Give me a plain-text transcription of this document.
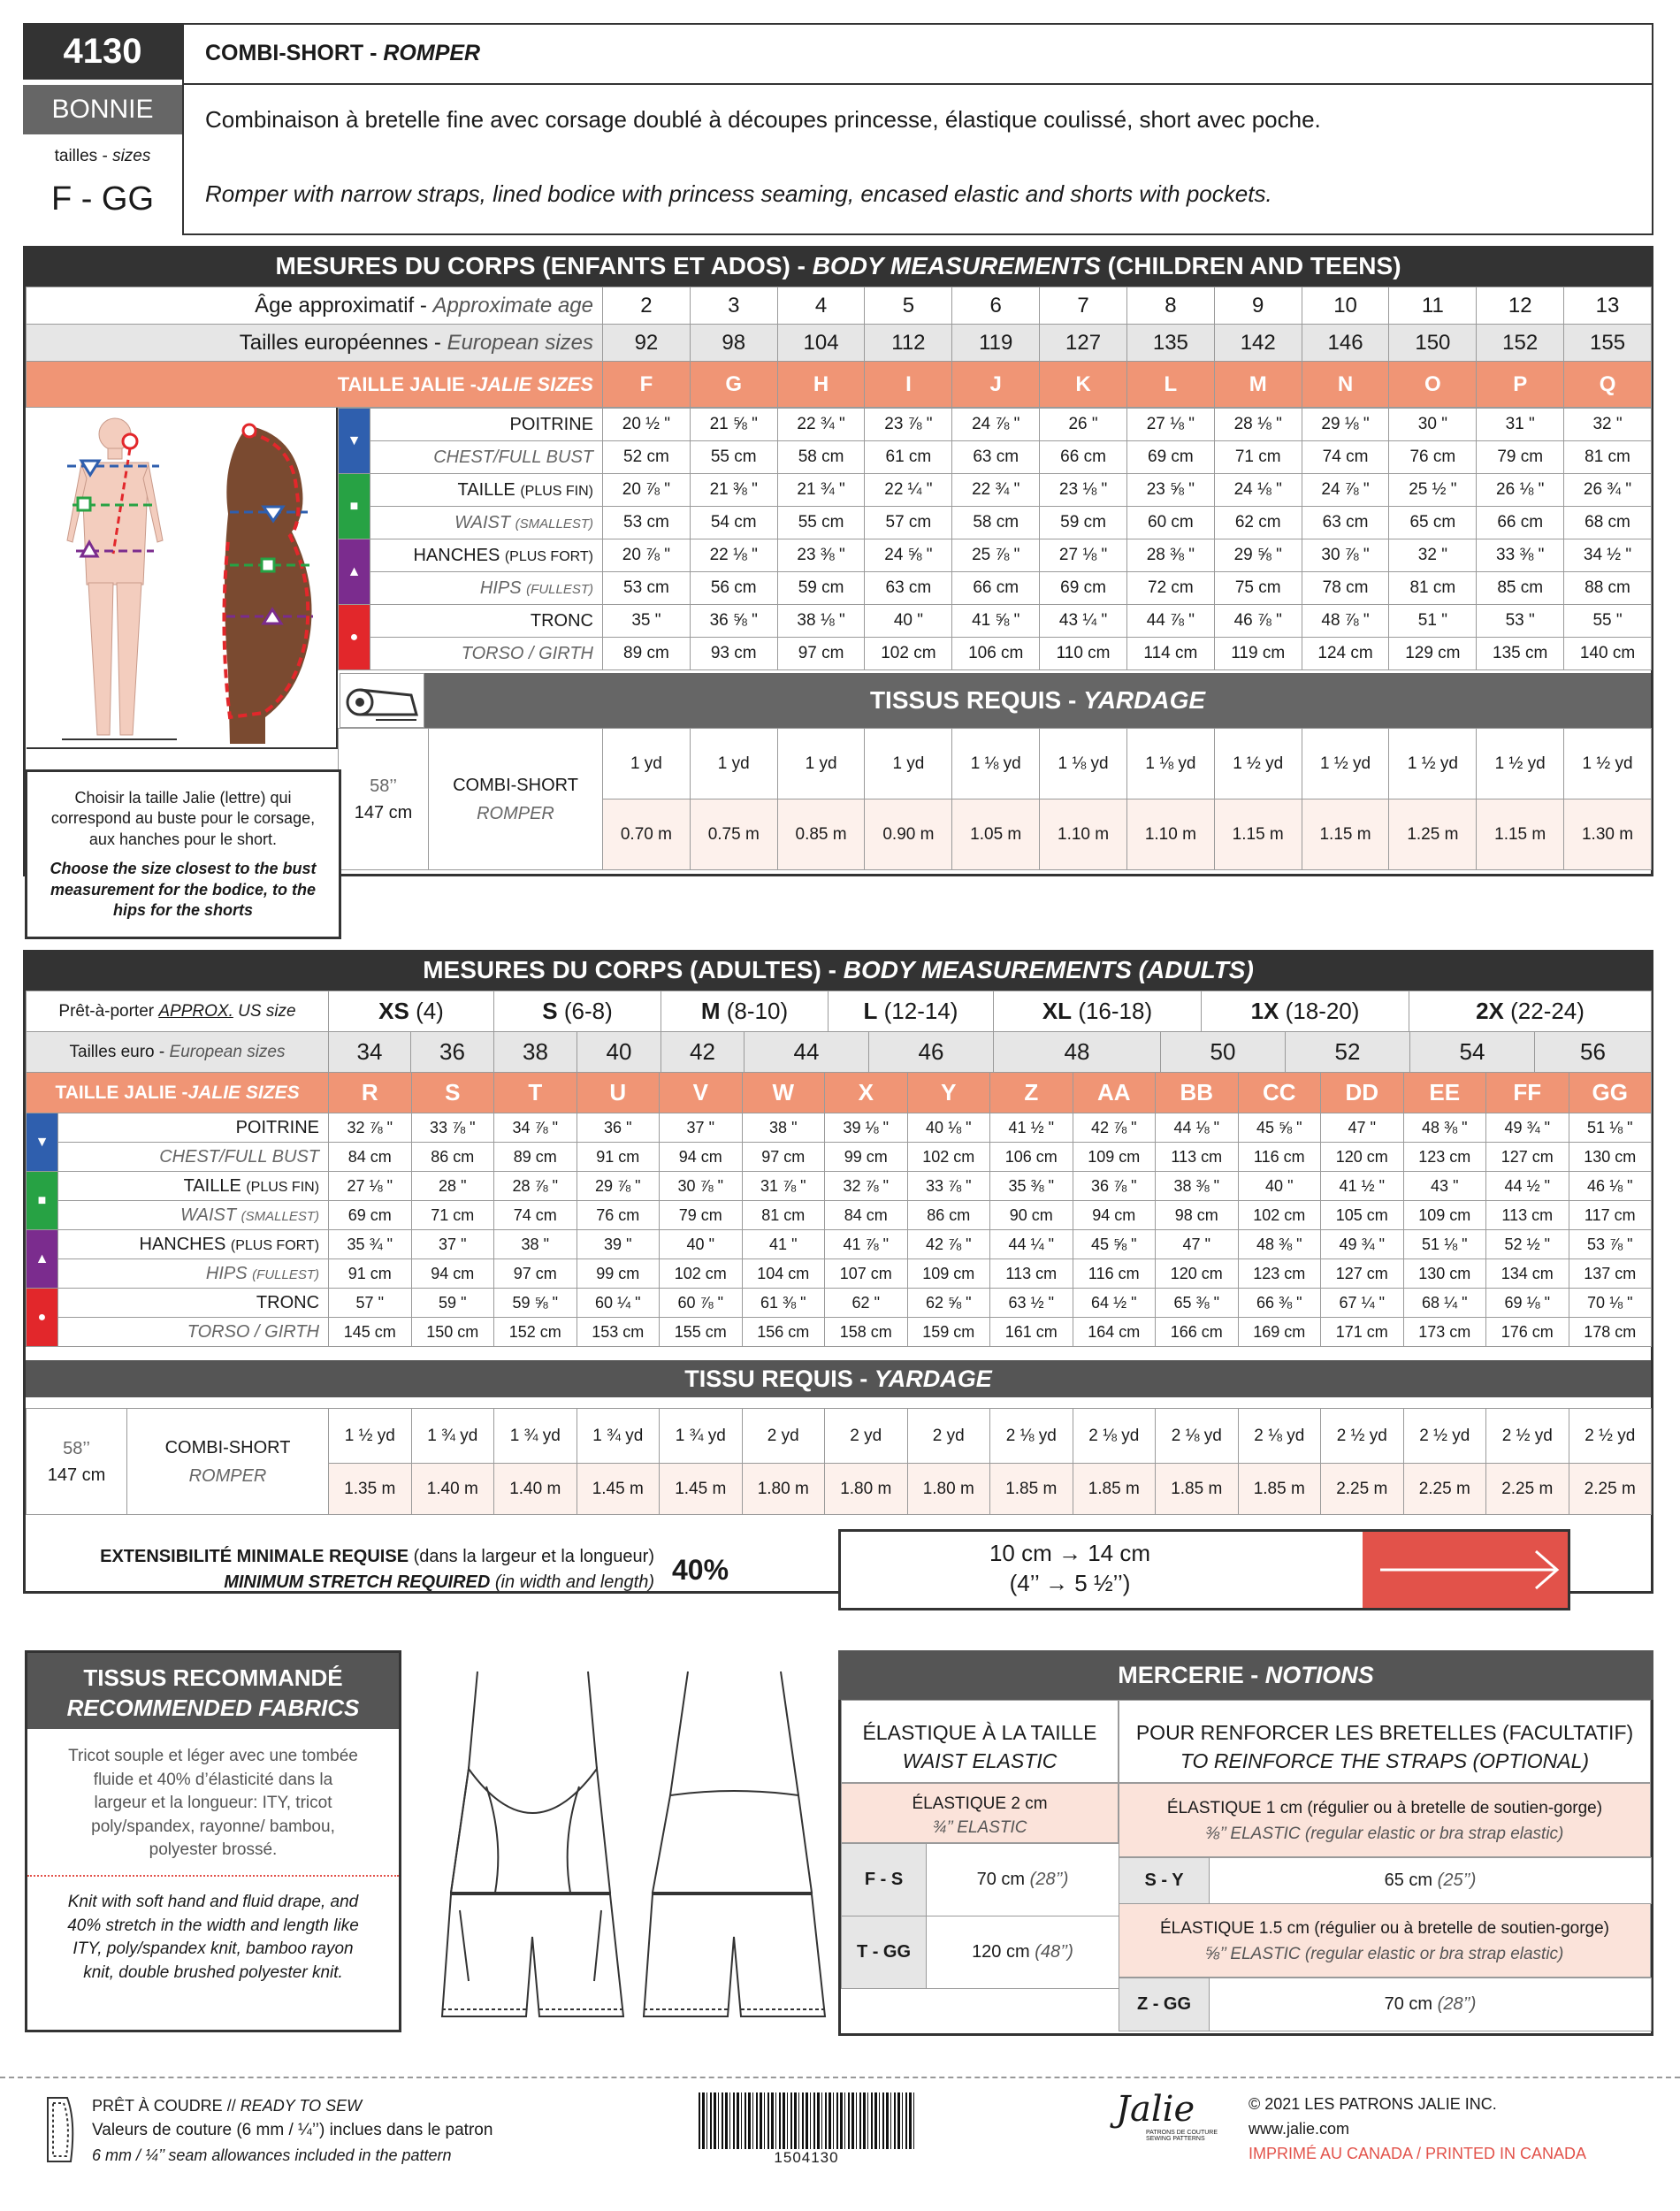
4130
BONNIE
tailles - sizes
F - GG
COMBI-SHORT - ROMPER
Combinaison à bretelle fine avec corsage doublé à découpes princesse, élastique coulissé, short avec poche.
Romper with narrow straps, lined bodice with princess seaming, encased elastic and shorts with pockets.
MESURES DU CORPS (ENFANTS ET ADOS) - BODY MEASUREMENTS (CHILDREN AND TEENS)
Âge approximatif - Approximate age	2	3	4	5	6	7	8	9	10	11	12	13
Tailles européennes - European sizes	92	98	104	112	119	127	135	142	146	150	152	155
TAILLE JALIE -JALIE SIZES	F	G	H	I	J	K	L	M	N	O	P	Q
▼	POITRINE	20 ½ "	21 ⅝ "	22 ¾ "	23 ⅞ "	24 ⅞ "	26 "	27 ⅛ "	28 ⅛ "	29 ⅛ "	30 "	31 "	32 "
	CHEST/FULL BUST	52 cm	55 cm	58 cm	61 cm	63 cm	66 cm	69 cm	71 cm	74 cm	76 cm	79 cm	81 cm
■	TAILLE (PLUS FIN)	20 ⅞ "	21 ⅜ "	21 ¾ "	22 ¼ "	22 ¾ "	23 ⅛ "	23 ⅝ "	24 ⅛ "	24 ⅞ "	25 ½ "	26 ⅛ "	26 ¾ "
	WAIST (SMALLEST)	53 cm	54 cm	55 cm	57 cm	58 cm	59 cm	60 cm	62 cm	63 cm	65 cm	66 cm	68 cm
▲	HANCHES (PLUS FORT)	20 ⅞ "	22 ⅛ "	23 ⅜ "	24 ⅝ "	25 ⅞ "	27 ⅛ "	28 ⅜ "	29 ⅝ "	30 ⅞ "	32 "	33 ⅜ "	34 ½ "
	HIPS (FULLEST)	53 cm	56 cm	59 cm	63 cm	66 cm	69 cm	72 cm	75 cm	78 cm	81 cm	85 cm	88 cm
●	TRONC	35 "	36 ⅝ "	38 ⅛ "	40 "	41 ⅝ "	43 ¼ "	44 ⅞ "	46 ⅞ "	48 ⅞ "	51 "	53 "	55 "
	TORSO / GIRTH	89 cm	93 cm	97 cm	102 cm	106 cm	110 cm	114 cm	119 cm	124 cm	129 cm	135 cm	140 cm
TISSUS REQUIS - YARDAGE
58’’
147 cm	COMBI-SHORT
ROMPER	1 yd	1 yd	1 yd	1 yd	1 ⅛ yd	1 ⅛ yd	1 ⅛ yd	1 ½ yd	1 ½ yd	1 ½ yd	1 ½ yd	1 ½ yd
		0.70 m	0.75 m	0.85 m	0.90 m	1.05 m	1.10 m	1.10 m	1.15 m	1.15 m	1.25 m	1.15 m	1.30 m
Choisir la taille Jalie (lettre) qui correspond au buste pour le corsage, aux hanches pour le short.
Choose the size closest to the bust measurement for the bodice, to the hips for the shorts
MESURES DU CORPS (ADULTES) - BODY MEASUREMENTS (ADULTS)
Prêt-à-porter APPROX. US size	XS (4)	S (6-8)	M (8-10)	L (12-14)	XL (16-18)	1X (18-20)	2X (22-24)
Tailles euro - European sizes	34	36	38	40	42	44	46	48	50	52	54	56
TAILLE JALIE -JALIE SIZES		R	S	T	U	V	W	X	Y	Z	AA	BB	CC	DD	EE	FF	GG
▼	POITRINE	32 ⅞ "	33 ⅞ "	34 ⅞ "	36 "	37 "	38 "	39 ⅛ "	40 ⅛ "	41 ½ "	42 ⅞ "	44 ⅛ "	45 ⅝ "	47 "	48 ⅜ "	49 ¾ "	51 ⅛ "
	CHEST/FULL BUST	84 cm	86 cm	89 cm	91 cm	94 cm	97 cm	99 cm	102 cm	106 cm	109 cm	113 cm	116 cm	120 cm	123 cm	127 cm	130 cm
■	TAILLE (PLUS FIN)	27 ⅛ "	28 "	28 ⅞ "	29 ⅞ "	30 ⅞ "	31 ⅞ "	32 ⅞ "	33 ⅞ "	35 ⅜ "	36 ⅞ "	38 ⅜ "	40 "	41 ½ "	43 "	44 ½ "	46 ⅛ "
	WAIST (SMALLEST)	69 cm	71 cm	74 cm	76 cm	79 cm	81 cm	84 cm	86 cm	90 cm	94 cm	98 cm	102 cm	105 cm	109 cm	113 cm	117 cm
▲	HANCHES (PLUS FORT)	35 ¾ "	37 "	38 "	39 "	40 "	41 "	41 ⅞ "	42 ⅞ "	44 ¼ "	45 ⅝ "	47 "	48 ⅜ "	49 ¾ "	51 ⅛ "	52 ½ "	53 ⅞ "
	HIPS (FULLEST)	91 cm	94 cm	97 cm	99 cm	102 cm	104 cm	107 cm	109 cm	113 cm	116 cm	120 cm	123 cm	127 cm	130 cm	134 cm	137 cm
●	TRONC	57 "	59 "	59 ⅝ "	60 ¼ "	60 ⅞ "	61 ⅜ "	62 "	62 ⅝ "	63 ½ "	64 ½ "	65 ⅜ "	66 ⅜ "	67 ¼ "	68 ¼ "	69 ⅛ "	70 ⅛ "
	TORSO / GIRTH	145 cm	150 cm	152 cm	153 cm	155 cm	156 cm	158 cm	159 cm	161 cm	164 cm	166 cm	169 cm	171 cm	173 cm	176 cm	178 cm
TISSU REQUIS - YARDAGE
58’’
147 cm	COMBI-SHORT
ROMPER	1 ½ yd	1 ¾ yd	1 ¾ yd	1 ¾ yd	1 ¾ yd	2 yd	2 yd	2 yd	2 ⅛ yd	2 ⅛ yd	2 ⅛ yd	2 ⅛ yd	2 ½ yd	2 ½ yd	2 ½ yd	2 ½ yd
		1.35 m	1.40 m	1.40 m	1.45 m	1.45 m	1.80 m	1.80 m	1.80 m	1.85 m	1.85 m	1.85 m	1.85 m	2.25 m	2.25 m	2.25 m	2.25 m
EXTENSIBILITÉ MINIMALE REQUISE (dans la largeur et la longueur)
MINIMUM STRETCH REQUIRED (in width and length) 40%
10 cm → 14 cm
(4’’ → 5 ½’’)
TISSUS RECOMMANDÉ
RECOMMENDED FABRICS
Tricot souple et léger avec une tombée fluide et 40% d’élasticité dans la largeur et la longueur: ITY, tricot poly/spandex, rayonne/ bambou, polyester brossé.
Knit with soft hand and fluid drape, and 40% stretch in the width and length like ITY, poly/spandex knit, bamboo rayon knit, double brushed polyester knit.
MERCERIE - NOTIONS
ÉLASTIQUE À LA TAILLE
WAIST ELASTIC
POUR RENFORCER LES BRETELLES (FACULTATIF)
TO REINFORCE THE STRAPS (OPTIONAL)
ÉLASTIQUE 2 cm
¾’’ ELASTIC
F - S	70 cm (28’’)
T - GG	120 cm (48’’)
ÉLASTIQUE 1 cm (régulier ou à bretelle de soutien-gorge)
⅜’’ ELASTIC (regular elastic or bra strap elastic)
S - Y	65 cm (25’’)
ÉLASTIQUE 1.5 cm (régulier ou à bretelle de soutien-gorge)
⅝’’ ELASTIC (regular elastic or bra strap elastic)
Z - GG	70 cm (28’’)
PRÊT À COUDRE // READY TO SEW
Valeurs de couture (6 mm / ¼’’) inclues dans le patron
6 mm / ¼’’ seam allowances included in the pattern	1504130
Jalie
PATRONS DE COUTURE
SEWING PATTERNS
© 2021 LES PATRONS JALIE INC.
www.jalie.com
IMPRIMÉ AU CANADA / PRINTED IN CANADA
